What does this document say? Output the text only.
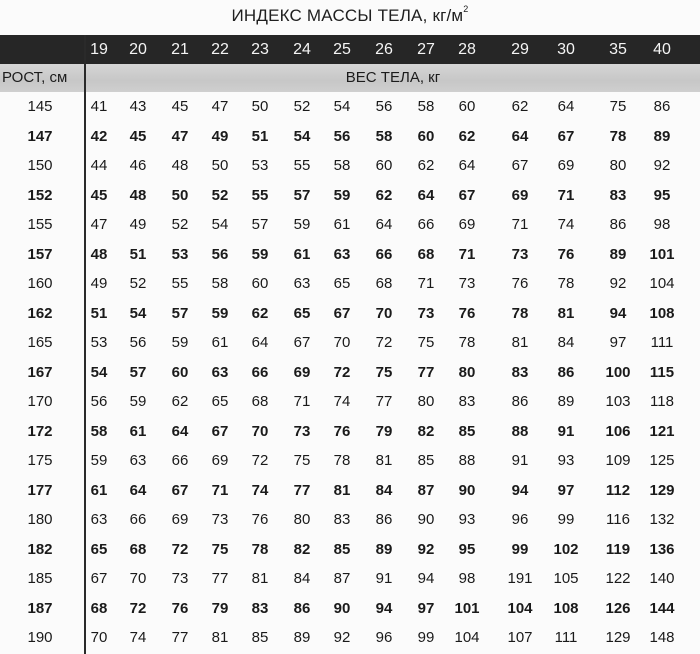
ИНДЕКС МАССЫ ТЕЛА, $кг/м^2$
19	20	21	22	23	24	25	26	27	28	29	30	35	40
РОСТ, см	ВЕС ТЕЛА, кг
145	41	43	45	47	50	52	54	56	58	60	62	64	75	86
147	42	45	47	49	51	54	56	58	60	62	64	67	78	89
150	44	46	48	50	53	55	58	60	62	64	67	69	80	92
152	45	48	50	52	55	57	59	62	64	67	69	71	83	95
155	47	49	52	54	57	59	61	64	66	69	71	74	86	98
157	48	51	53	56	59	61	63	66	68	71	73	76	89	101
160	49	52	55	58	60	63	65	68	71	73	76	78	92	104
162	51	54	57	59	62	65	67	70	73	76	78	81	94	108
165	53	56	59	61	64	67	70	72	75	78	81	84	97	111
167	54	57	60	63	66	69	72	75	77	80	83	86	100 115
170	56	59	62	65	68	71	74	77	80	83	86	89	103 118
172	58	61	64	67	70	73	76	79	82	85	88	91	106 121
175	59	63	66	69	72	75	78	81	85	88	91	93	109 125
177	61	64	67	71	74	77	81	84	87	90	94	97	112 129
180	63	66	69	73	76	80	83	86	90	93	96	99	116 132
182	65	68	72	75	78	82	85	89	92	95	99	102 119 136
185	67	70	73	77	81	84	87	91	94	98	191 105 122 140
187	68	72	76	79	83	86	90	94	97	101 104 108 126 144
190	70	74	77	81	85	89	92	96	99	104 107	111	129 148
